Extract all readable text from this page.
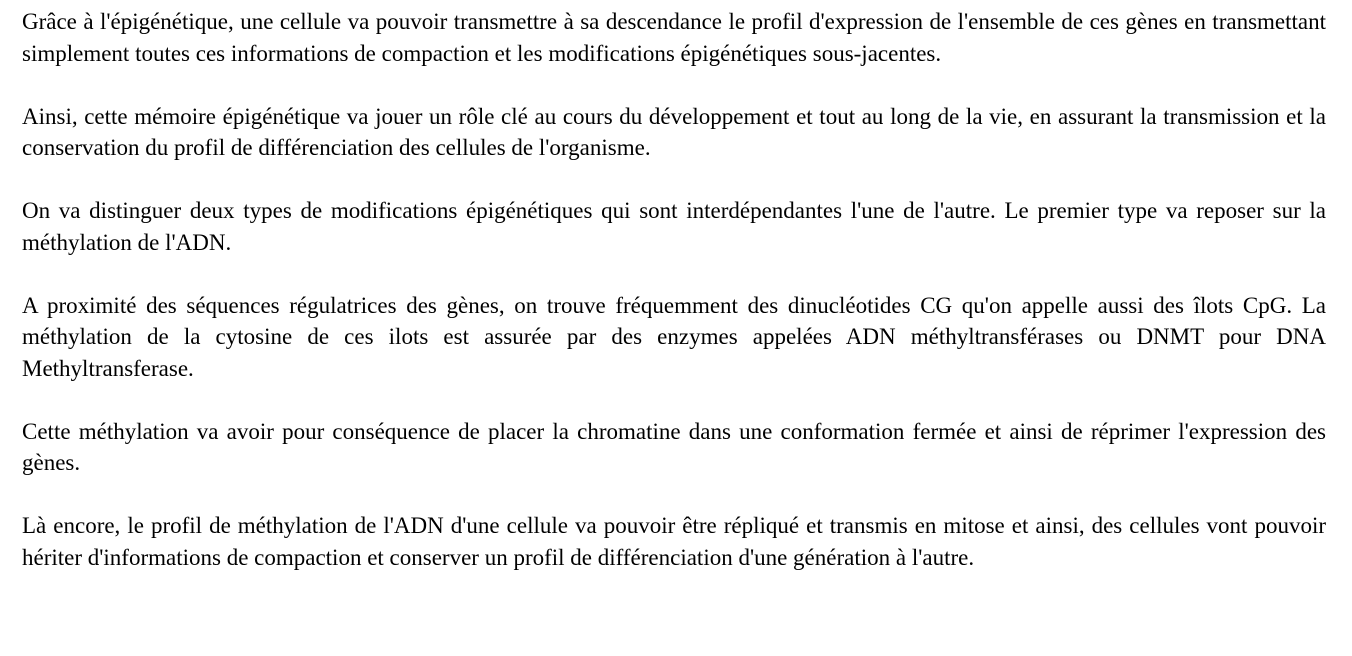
Grâce à l'épigénétique, une cellule va pouvoir transmettre à sa descendance le profil d'expression de l'ensemble de ces gènes en transmettant simplement toutes ces informations de compaction et les modifications épigénétiques sous-jacentes.

Ainsi, cette mémoire épigénétique va jouer un rôle clé au cours du développement et tout au long de la vie, en assurant la transmission et la conservation du profil de différenciation des cellules de l'organisme.

On va distinguer deux types de modifications épigénétiques qui sont interdépendantes l'une de l'autre. Le premier type va reposer sur la méthylation de l'ADN.

A proximité des séquences régulatrices des gènes, on trouve fréquemment des dinucléotides CG qu'on appelle aussi des îlots CpG. La méthylation de la cytosine de ces ilots est assurée par des enzymes appelées ADN méthyltransférases ou DNMT pour DNA Methyltransferase.

Cette méthylation va avoir pour conséquence de placer la chromatine dans une conformation fermée et ainsi de réprimer l'expression des gènes.

Là encore, le profil de méthylation de l'ADN d'une cellule va pouvoir être répliqué et transmis en mitose et ainsi, des cellules vont pouvoir hériter d'informations de compaction et conserver un profil de différenciation d'une génération à l'autre.
